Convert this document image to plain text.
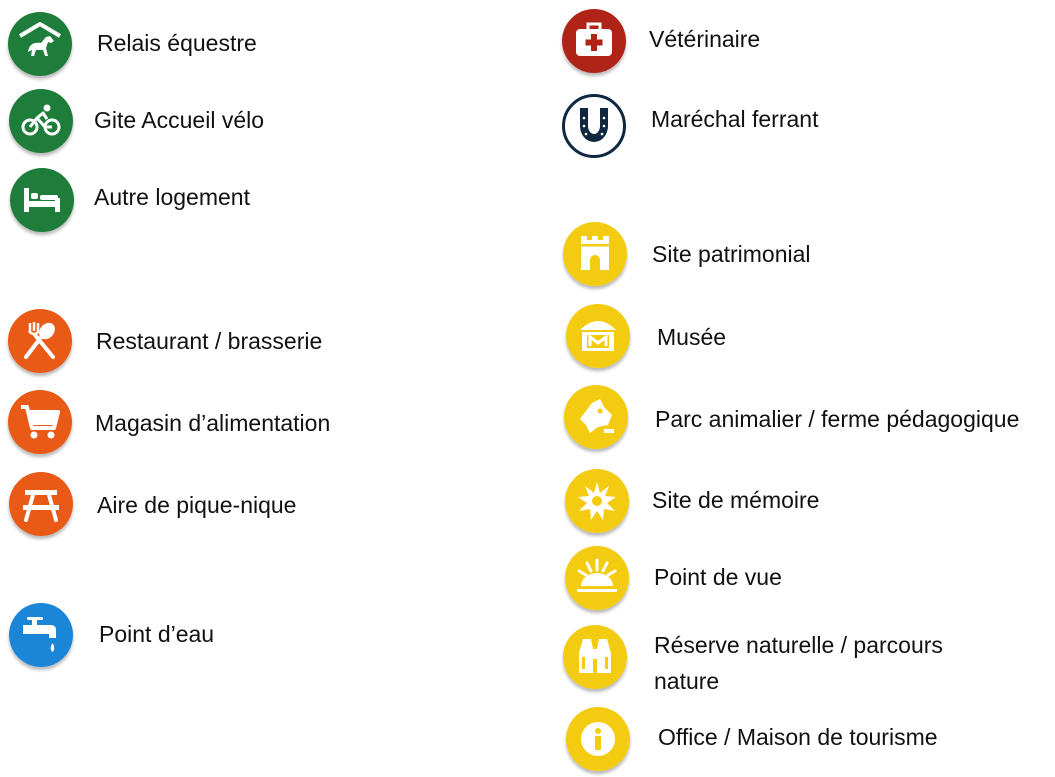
Relais équestre
Gite Accueil vélo
Autre logement
Restaurant / brasserie
Magasin d’alimentation
Aire de pique-nique
Point d’eau
Vétérinaire
Maréchal ferrant
Site patrimonial
Musée
Parc animalier / ferme pédagogique
Site de mémoire
Point de vue
Réserve naturelle / parcours nature
Office / Maison de tourisme
